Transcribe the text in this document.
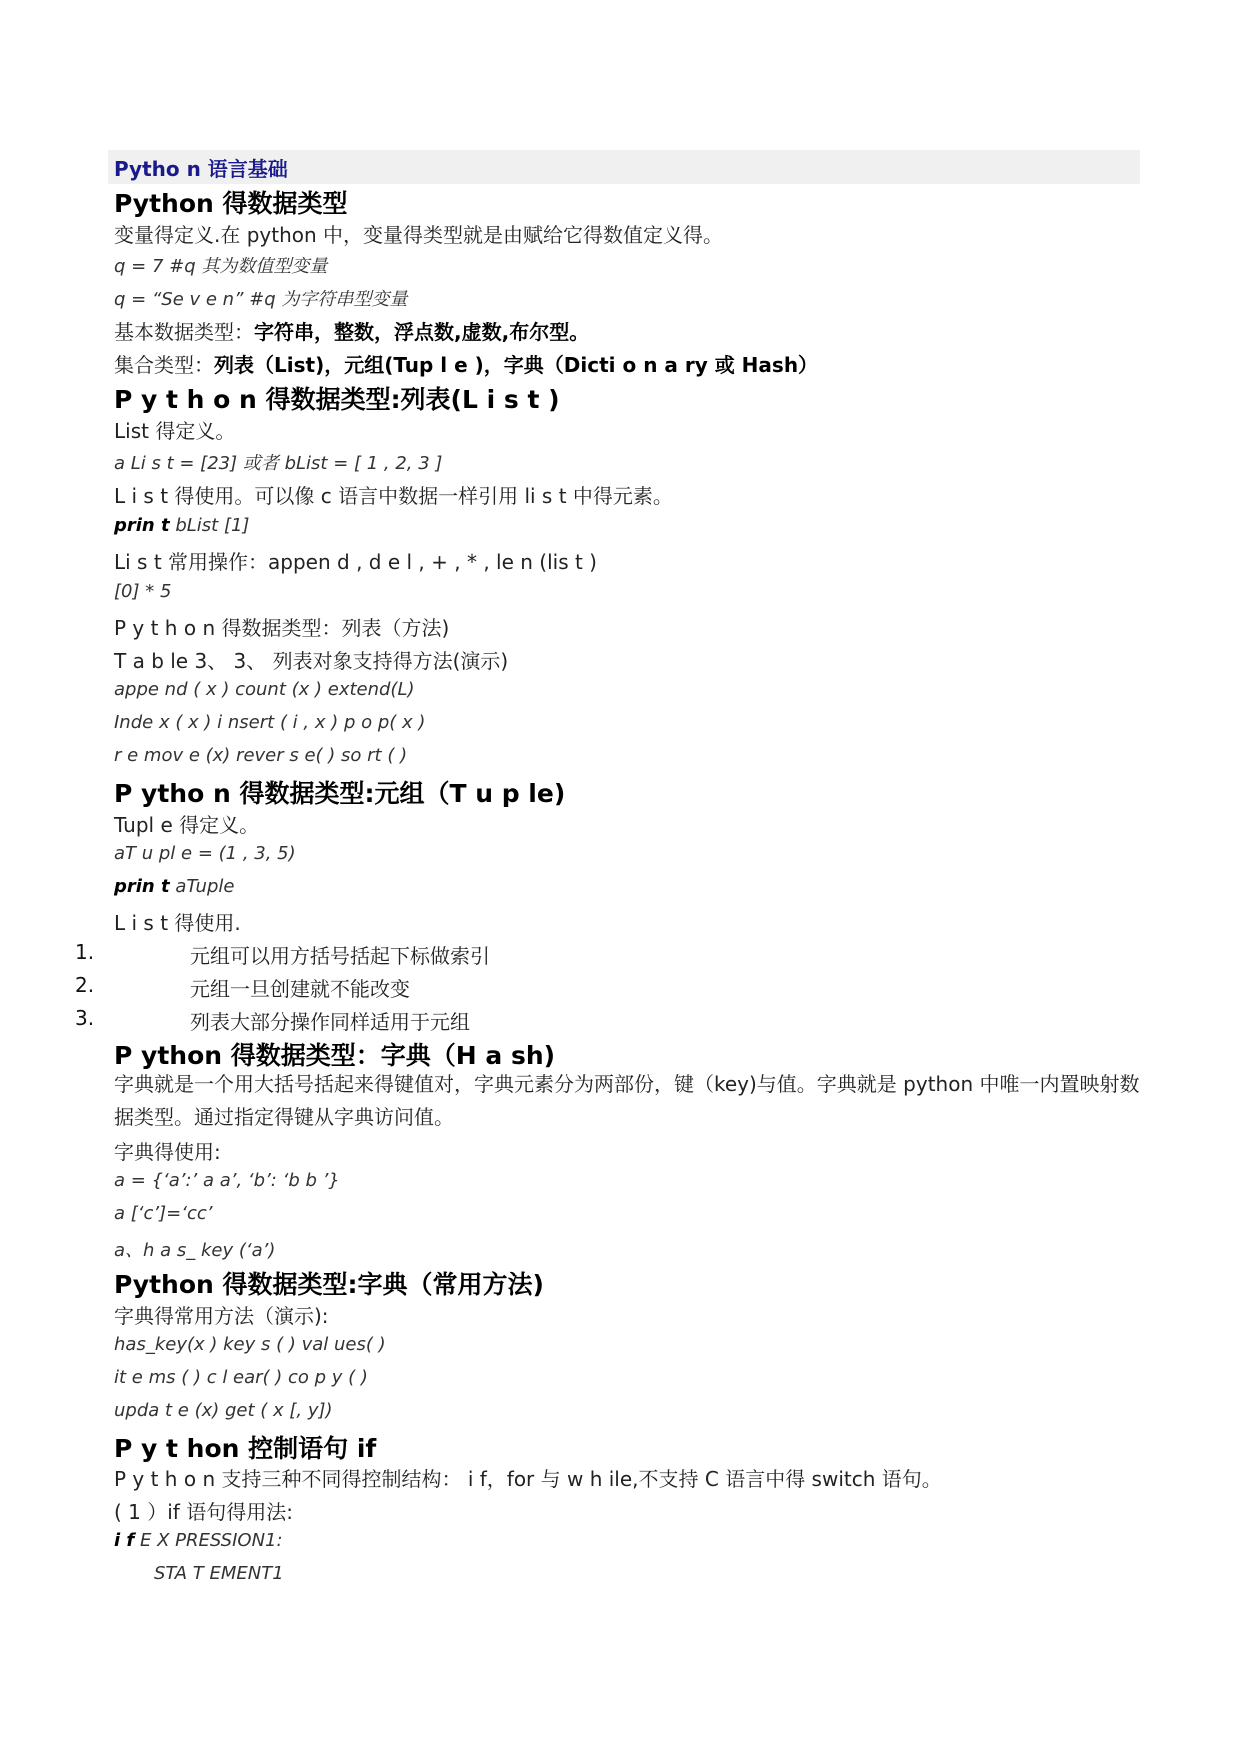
Pytho n 语言基础
Python 得数据类型
变量得定义.在 python 中，变量得类型就是由赋给它得数值定义得。
q = 7 #q 其为数值型变量
q = “Se v e n” #q 为字符串型变量
基本数据类型：字符串，整数，浮点数,虚数,布尔型。
集合类型：列表（List)，元组(Tup l e )，字典（Dicti o n a ry 或 Hash）
P y t h o n 得数据类型:列表(L i s t )
List 得定义。
a Li s t = [23] 或者 bList = [ 1 , 2, 3 ]
L i s t 得使用。可以像 c 语言中数据一样引用 li s t 中得元素。
prin t bList [1]
Li s t 常用操作：appen d , d e l , + , * , le n (lis t )
[0] * 5
P y t h o n 得数据类型：列表（方法)
T a b le 3、 3、 列表对象支持得方法(演示)
appe nd ( x ) count (x ) extend(L)
Inde x ( x ) i nsert ( i , x ) p o p( x )
r e mov e (x) rever s e( ) so rt ( )
P ytho n 得数据类型:元组（T u p le)
Tupl e 得定义。
aT u pl e = (1 , 3, 5)
prin t aTuple
L i s t 得使用.
1.	元组可以用方括号括起下标做索引
2.	元组一旦创建就不能改变
3.	列表大部分操作同样适用于元组
P ython 得数据类型：字典（H a sh)
字典就是一个用大括号括起来得键值对，字典元素分为两部份，键（key)与值。字典就是 python 中唯一内置映射数据类型。通过指定得键从字典访问值。
字典得使用:
a = {‘a’:’ a a’, ‘b’: ‘b b ’}
a [‘c’]=‘cc’
a、h a s_ key (‘a’)
Python 得数据类型:字典（常用方法)
字典得常用方法（演示):
has_key(x ) key s ( ) val ues( )
it e ms ( ) c l ear( ) co p y ( )
upda t e (x) get ( x [, y])
P y t hon 控制语句 if
P y t h o n 支持三种不同得控制结构： i f，for 与 w h ile,不支持 C 语言中得 switch 语句。
( 1 ）if 语句得用法:
i f E X PRESSION1:
STA T EMENT1
